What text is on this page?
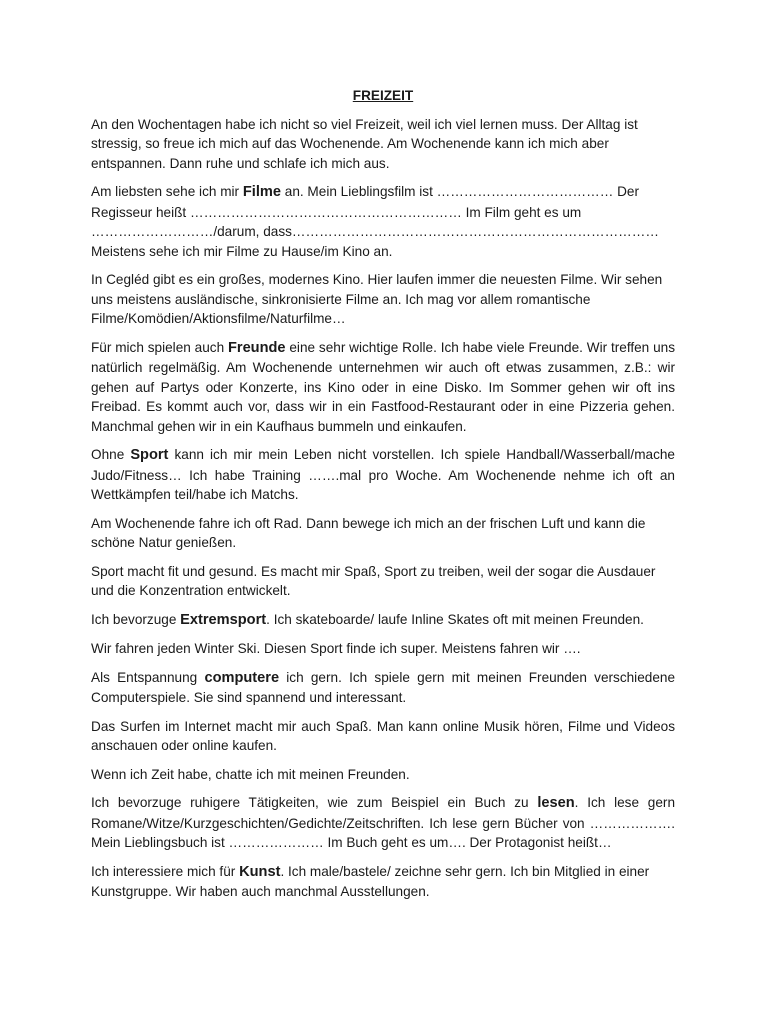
FREIZEIT

An den Wochentagen habe ich nicht so viel Freizeit, weil ich viel lernen muss. Der Alltag ist stressig, so freue ich mich auf das Wochenende. Am Wochenende kann ich mich aber entspannen. Dann ruhe und schlafe ich mich aus.

Am liebsten sehe ich mir Filme an. Mein Lieblingsfilm ist ………………………………… Der Regisseur heißt …………………………………………………… Im Film geht es um ………………………/darum, dass……………………………………………………………………… Meistens sehe ich mir Filme zu Hause/im Kino an.

In Cegléd gibt es ein großes, modernes Kino. Hier laufen immer die neuesten Filme. Wir sehen uns meistens ausländische, sinkronisierte Filme an. Ich mag vor allem romantische Filme/Komödien/Aktionsfilme/Naturfilme…

Für mich spielen auch Freunde eine sehr wichtige Rolle. Ich habe viele Freunde. Wir treffen uns natürlich regelmäßig. Am Wochenende unternehmen wir auch oft etwas zusammen, z.B.: wir gehen auf Partys oder Konzerte, ins Kino oder in eine Disko. Im Sommer gehen wir oft ins Freibad. Es kommt auch vor, dass wir in ein Fastfood-Restaurant oder in eine Pizzeria gehen. Manchmal gehen wir in ein Kaufhaus bummeln und einkaufen.

Ohne Sport kann ich mir mein Leben nicht vorstellen. Ich spiele Handball/Wasserball/mache Judo/Fitness… Ich habe Training …….mal pro Woche. Am Wochenende nehme ich oft an Wettkämpfen teil/habe ich Matchs.

Am Wochenende fahre ich oft Rad. Dann bewege ich mich an der frischen Luft und kann die schöne Natur genießen.

Sport macht fit und gesund. Es macht mir Spaß, Sport zu treiben, weil der sogar die Ausdauer und die Konzentration entwickelt.

Ich bevorzuge Extremsport. Ich skateboarde/ laufe Inline Skates oft mit meinen Freunden.

Wir fahren jeden Winter Ski. Diesen Sport finde ich super. Meistens fahren wir ….

Als Entspannung computere ich gern. Ich spiele gern mit meinen Freunden verschiedene Computerspiele. Sie sind spannend und interessant.

Das Surfen im Internet macht mir auch Spaß. Man kann online Musik hören, Filme und Videos anschauen oder online kaufen.

Wenn ich Zeit habe, chatte ich mit meinen Freunden.

Ich bevorzuge ruhigere Tätigkeiten, wie zum Beispiel ein Buch zu lesen. Ich lese gern Romane/Witze/Kurzgeschichten/Gedichte/Zeitschriften. Ich lese gern Bücher von ………………. Mein Lieblingsbuch ist ………………… Im Buch geht es um…. Der Protagonist heißt…

Ich interessiere mich für Kunst. Ich male/bastele/ zeichne sehr gern. Ich bin Mitglied in einer Kunstgruppe. Wir haben auch manchmal Ausstellungen.
